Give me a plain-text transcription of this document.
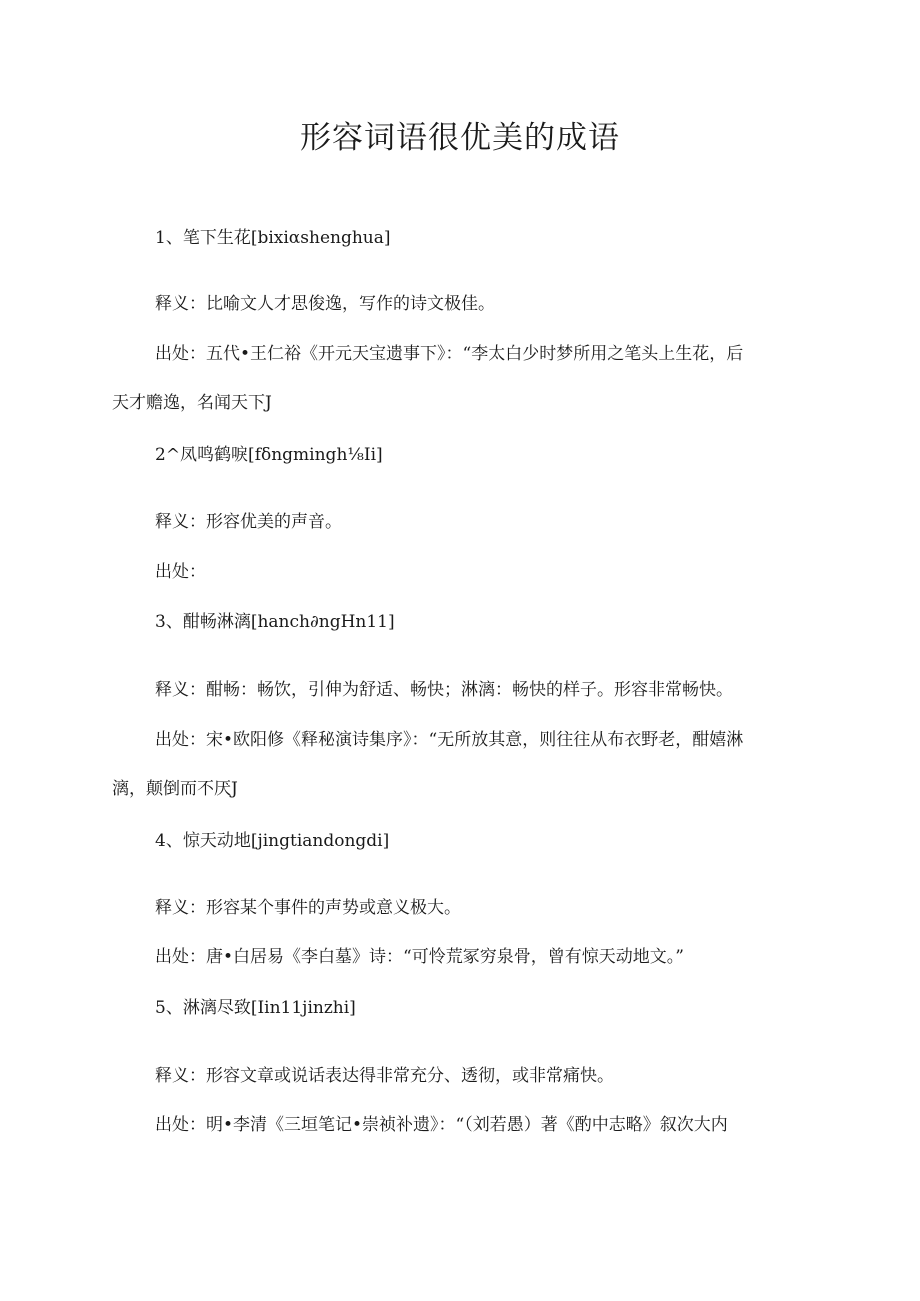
形容词语很优美的成语
1、笔下生花[bixiαshenghua]
释义：比喻文人才思俊逸，写作的诗文极佳。
出处：五代•王仁裕《开元天宝遗事下》：“李太白少时梦所用之笔头上生花，后
天才赡逸，名闻天下J
2^凤鸣鹤唳[fδngmingh⅛Ii]
释义：形容优美的声音。
出处：
3、酣畅淋漓[hanch∂ngHn11]
释义：酣畅：畅饮，引伸为舒适、畅快；淋漓：畅快的样子。形容非常畅快。
出处：宋•欧阳修《释秘演诗集序》：“无所放其意，则往往从布衣野老，酣嬉淋
漓，颠倒而不厌J
4、惊天动地[jingtiandongdi]
释义：形容某个事件的声势或意义极大。
出处：唐•白居易《李白墓》诗：“可怜荒冢穷泉骨，曾有惊天动地文。”
5、淋漓尽致[Iin11jinzhi]
释义：形容文章或说话表达得非常充分、透彻，或非常痛快。
出处：明•李清《三垣笔记•崇祯补遗》：“（刘若愚）著《酌中志略》叙次大内
